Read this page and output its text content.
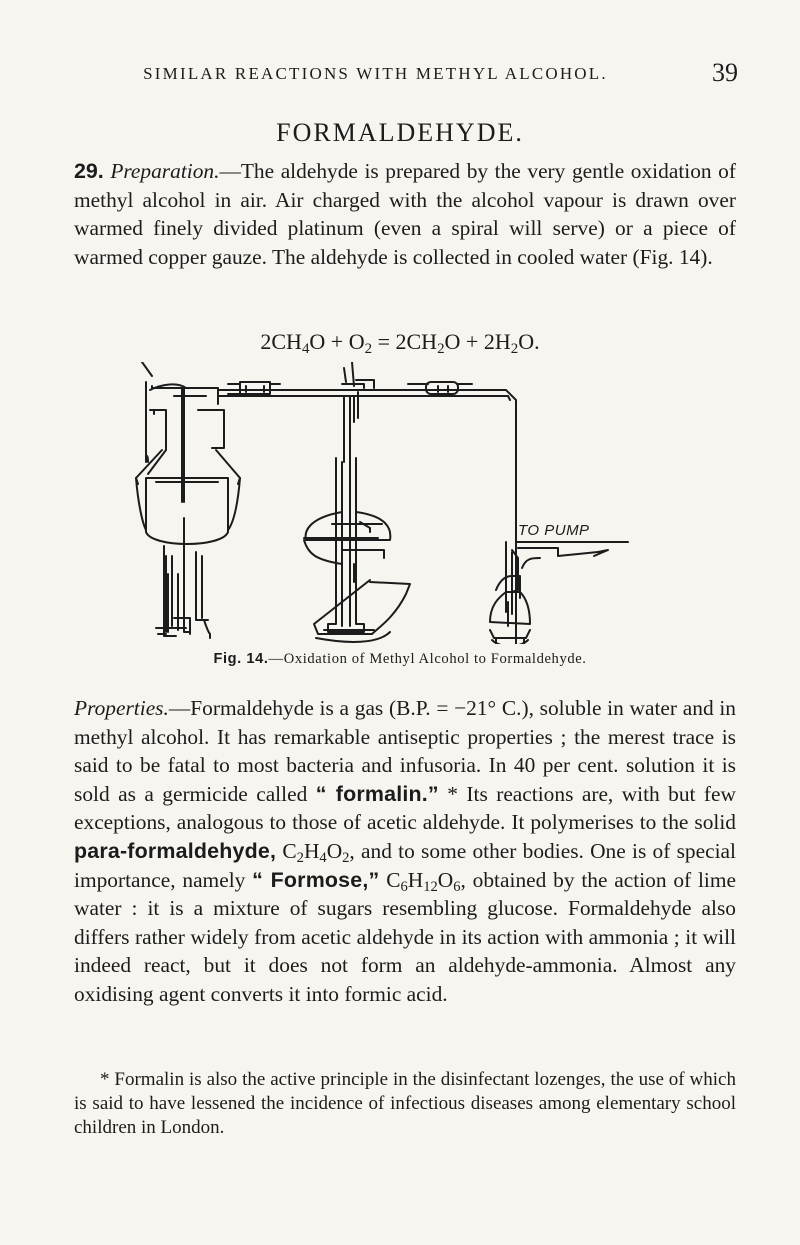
SIMILAR REACTIONS WITH METHYL ALCOHOL.	39
FORMALDEHYDE.

29. Preparation.—The aldehyde is prepared by the very gentle oxidation of methyl alcohol in air. Air charged with the alcohol vapour is drawn over warmed finely divided platinum (even a spiral will serve) or a piece of warmed copper gauze. The aldehyde is collected in cooled water (Fig. 14).

$2CH_4O + O_2 = 2CH_2O + 2H_2O$.
TO PUMP
Fig. 14.—Oxidation of Methyl Alcohol to Formaldehyde.

Properties.—Formaldehyde is a gas (B.P. = −21° C.), soluble in water and in methyl alcohol. It has remarkable antiseptic properties ; the merest trace is said to be fatal to most bacteria and infusoria. In 40 per cent. solution it is sold as a germicide called “ formalin.” * Its reactions are, with but few exceptions, analogous to those of acetic aldehyde. It polymerises to the solid para-formaldehyde, $C_2H_4O_2$, and to some other bodies. One is of special importance, namely “ Formose,” $C_6H_{12}O_6$, obtained by the action of lime water : it is a mixture of sugars resembling glucose. Formaldehyde also differs rather widely from acetic aldehyde in its action with ammonia ; it will indeed react, but it does not form an aldehyde-ammonia. Almost any oxidising agent converts it into formic acid.

* Formalin is also the active principle in the disinfectant lozenges, the use of which is said to have lessened the incidence of infectious diseases among elementary school children in London.
